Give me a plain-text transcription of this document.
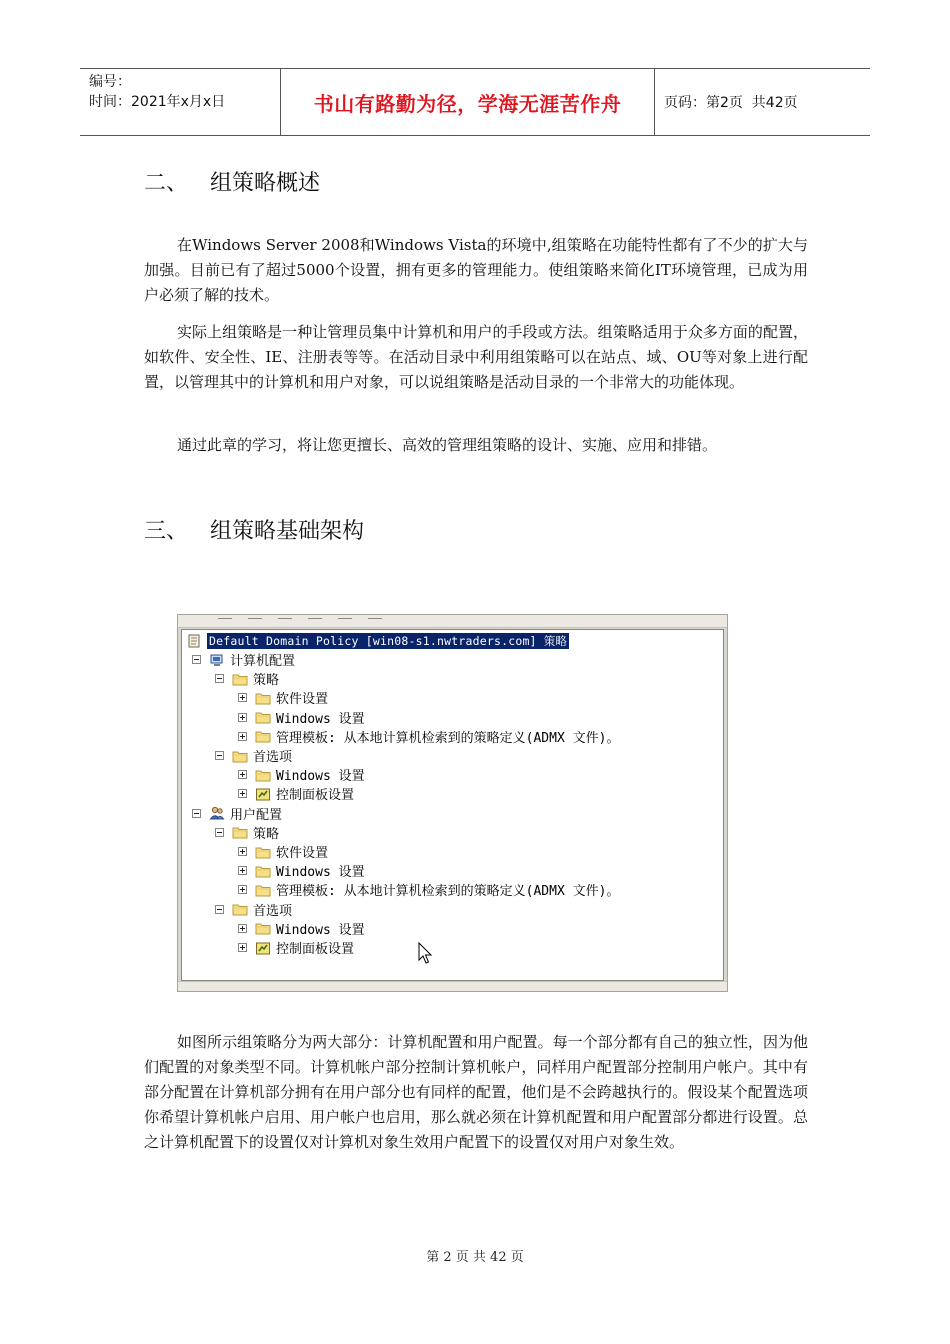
编号：
时间：2021年x月x日	书山有路勤为径，学海无涯苦作舟	页码：第2页  共42页
二、 组策略概述

在Windows Server 2008和Windows Vista的环境中,组策略在功能特性都有了不少的扩大与加强。目前已有了超过5000个设置，拥有更多的管理能力。使组策略来简化IT环境管理，已成为用户必须了解的技术。

实际上组策略是一种让管理员集中计算机和用户的手段或方法。组策略适用于众多方面的配置，如软件、安全性、IE、注册表等等。在活动目录中利用组策略可以在站点、域、OU等对象上进行配置，以管理其中的计算机和用户对象，可以说组策略是活动目录的一个非常大的功能体现。

通过此章的学习，将让您更擅长、高效的管理组策略的设计、实施、应用和排错。

三、 组策略基础架构
Default Domain Policy [win08-s1.nwtraders.com] 策略
计算机配置
策略
软件设置
Windows 设置
管理模板: 从本地计算机检索到的策略定义(ADMX 文件)。
首选项
Windows 设置
控制面板设置
用户配置
策略
软件设置
Windows 设置
管理模板: 从本地计算机检索到的策略定义(ADMX 文件)。
首选项
Windows 设置
控制面板设置

如图所示组策略分为两大部分：计算机配置和用户配置。每一个部分都有自己的独立性，因为他们配置的对象类型不同。计算机帐户部分控制计算机帐户，同样用户配置部分控制用户帐户。其中有部分配置在计算机部分拥有在用户部分也有同样的配置，他们是不会跨越执行的。假设某个配置选项你希望计算机帐户启用、用户帐户也启用，那么就必须在计算机配置和用户配置部分都进行设置。总之计算机配置下的设置仅对计算机对象生效用户配置下的设置仅对用户对象生效。

第 2 页 共 42 页
